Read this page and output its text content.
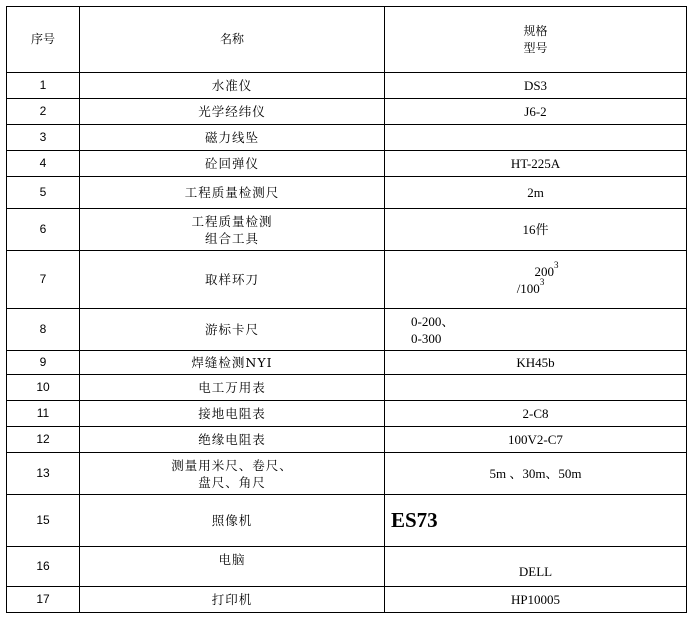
序号	名称	规格
型号

1	水准仪	DS3
2	光学经纬仪	J6-2
3	磁力线坠	
4	砼回弹仪	HT-225A
5	工程质量检测尺	2m
6	工程质量检测
组合工具	16件
7	取样环刀	$200^3$
$/100^3$

8	游标卡尺	0-200、
0-300

9	焊缝检测NYI	KH45b
10	电工万用表	
11	接地电阻表	2-C8
12	绝缘电阻表	100V2-C7
13	测量用米尺、卷尺、
盘尺、角尺	5m 、30m、50m
15	照像机	ES73
16	电脑	DELL
17	打印机	HP10005
